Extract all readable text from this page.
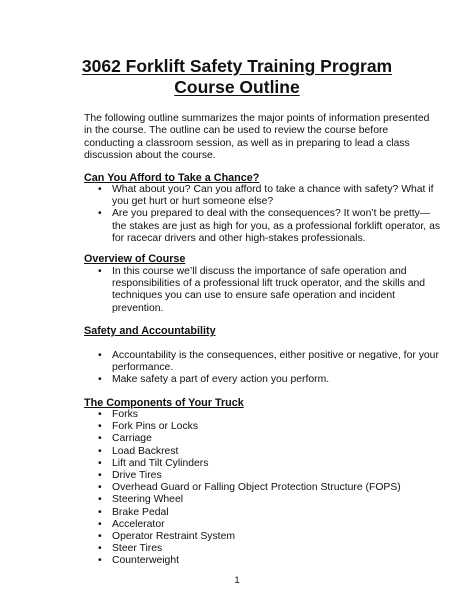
3062 Forklift Safety Training Program
Course Outline
The following outline summarizes the major points of information presented in the course. The outline can be used to review the course before conducting a classroom session, as well as in preparing to lead a class discussion about the course.
Can You Afford to Take a Chance?
• What about you? Can you afford to take a chance with safety? What if you get hurt or hurt someone else?
• Are you prepared to deal with the consequences? It won’t be pretty—the stakes are just as high for you, as a professional forklift operator, as for racecar drivers and other high-stakes professionals.
Overview of Course
• In this course we’ll discuss the importance of safe operation and responsibilities of a professional lift truck operator, and the skills and techniques you can use to ensure safe operation and incident prevention.
Safety and Accountability
• Accountability is the consequences, either positive or negative, for your performance.
• Make safety a part of every action you perform.
The Components of Your Truck
• Forks
• Fork Pins or Locks
• Carriage
• Load Backrest
• Lift and Tilt Cylinders
• Drive Tires
• Overhead Guard or Falling Object Protection Structure (FOPS)
• Steering Wheel
• Brake Pedal
• Accelerator
• Operator Restraint System
• Steer Tires
• Counterweight
1
